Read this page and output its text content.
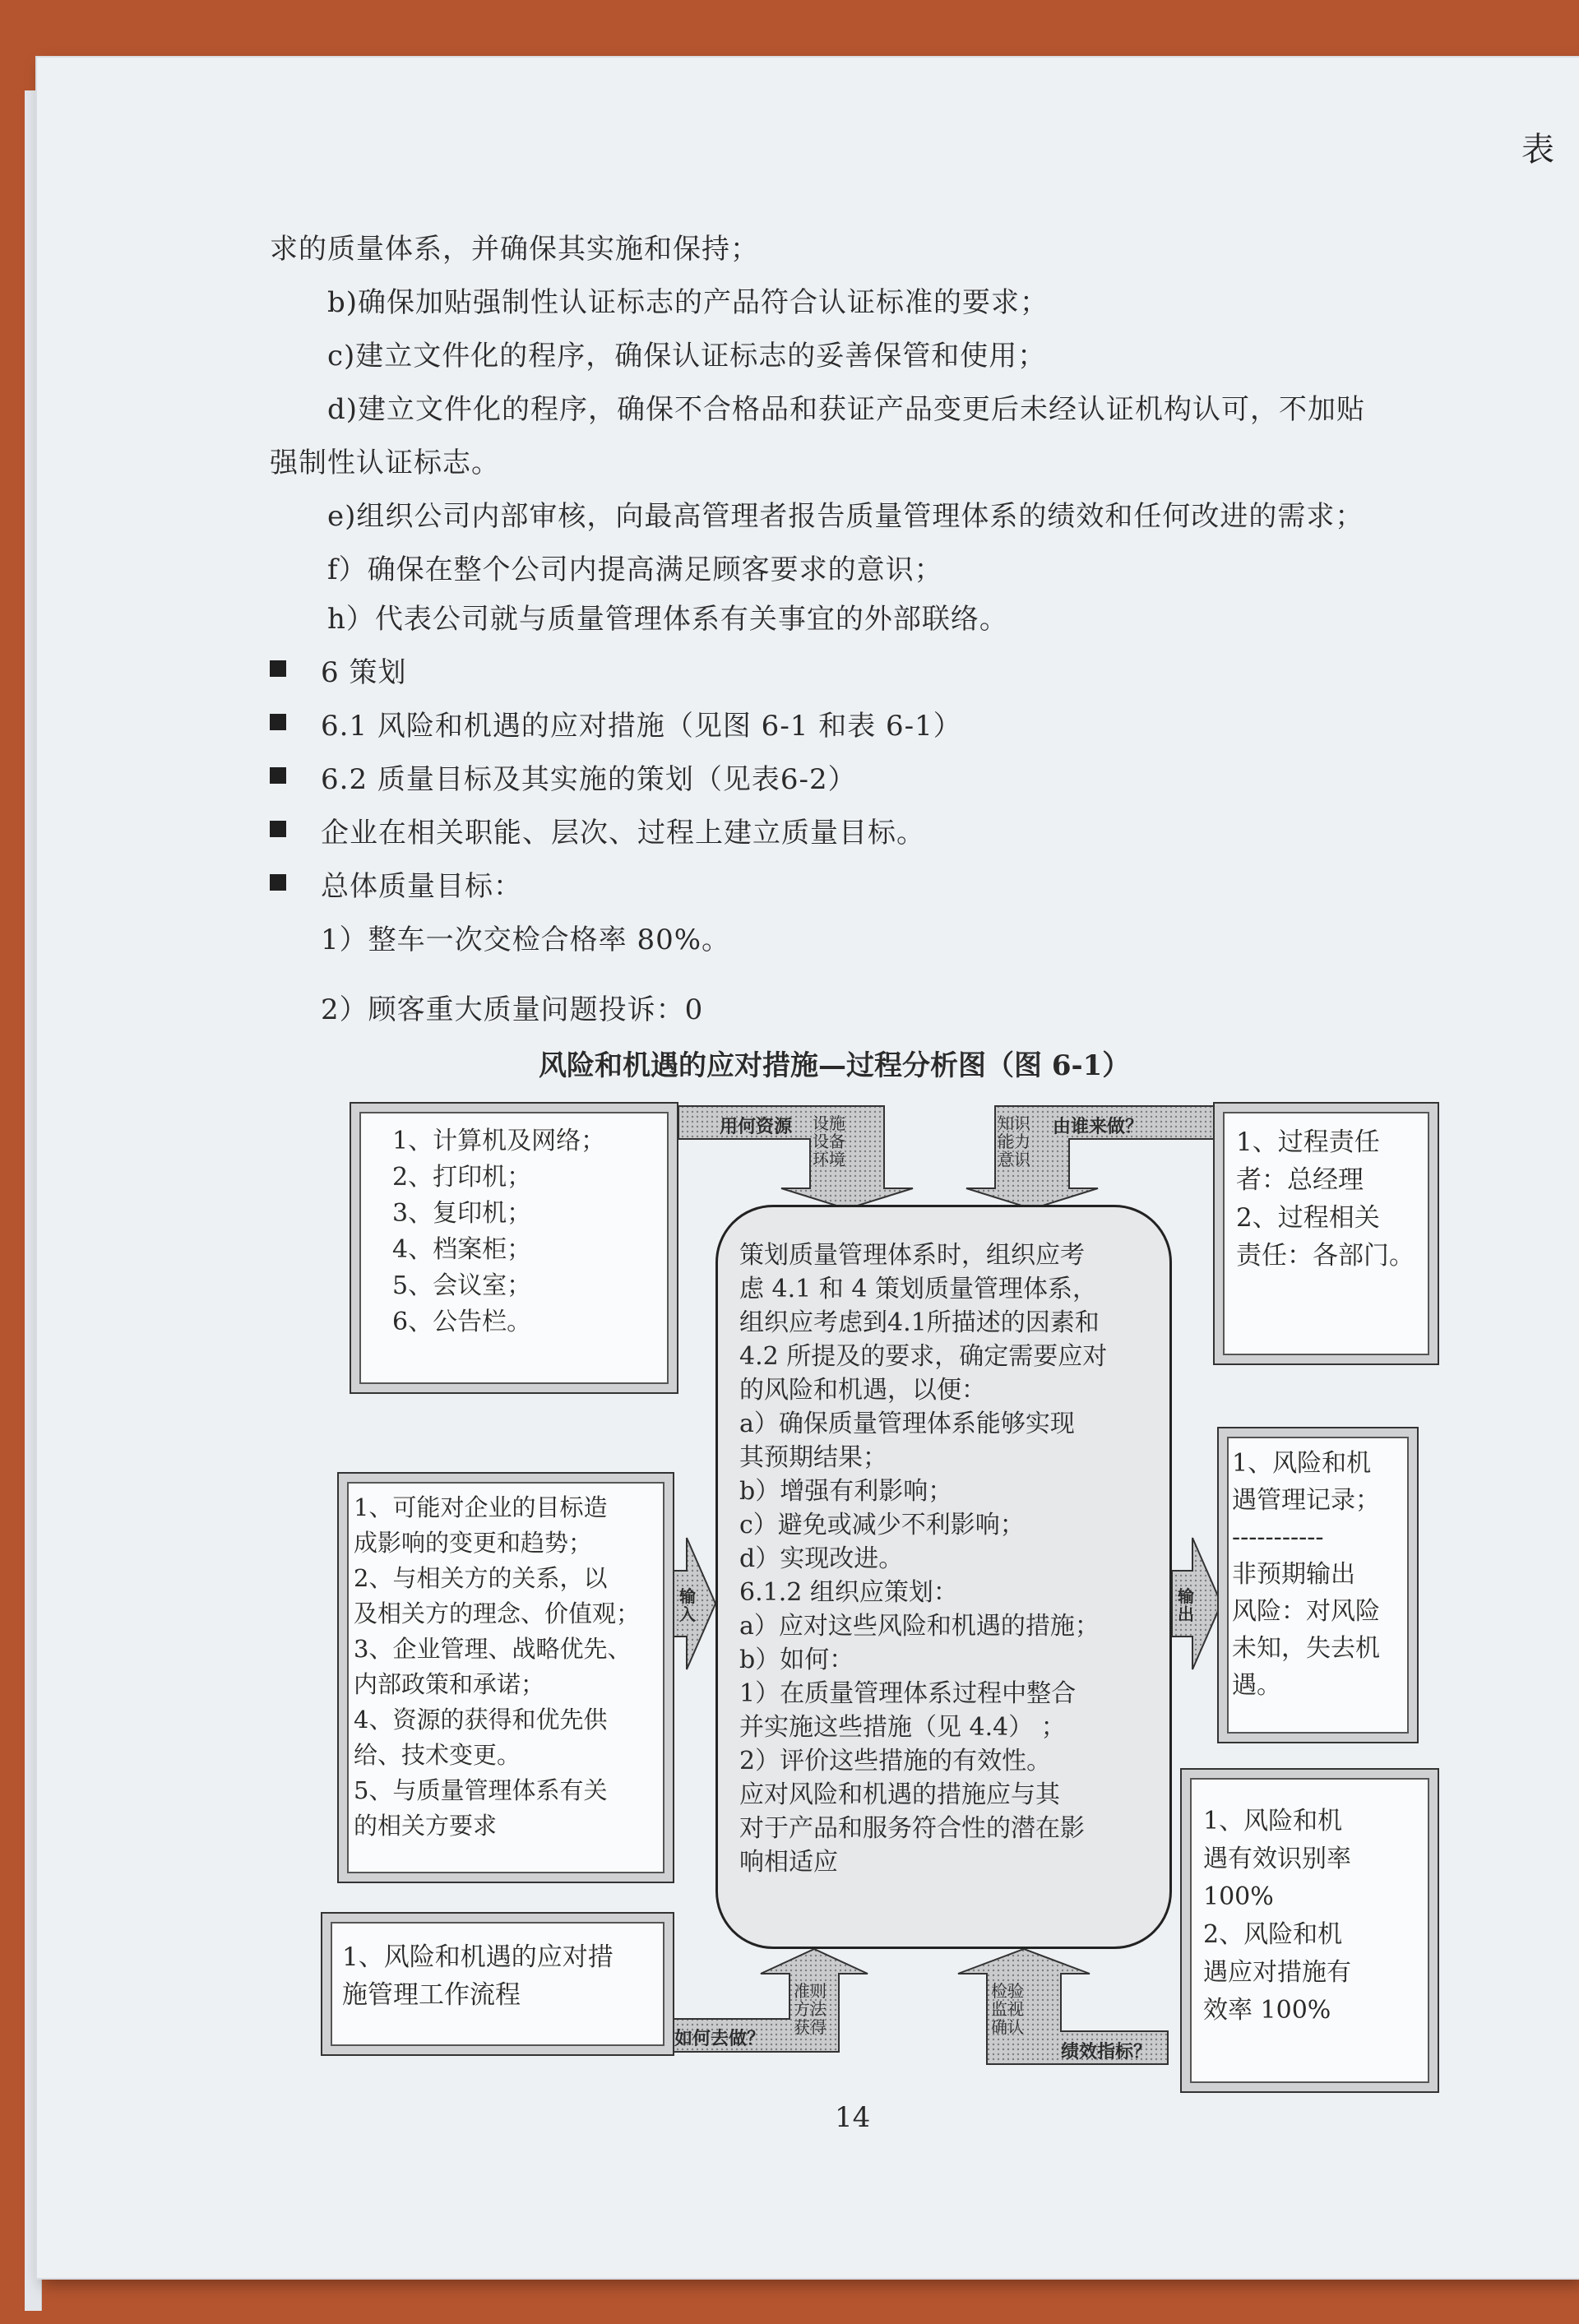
表
求的质量体系，并确保其实施和保持；
b)确保加贴强制性认证标志的产品符合认证标准的要求；
c)建立文件化的程序，确保认证标志的妥善保管和使用；
d)建立文件化的程序，确保不合格品和获证产品变更后未经认证机构认可，不加贴
强制性认证标志。
e)组织公司内部审核，向最高管理者报告质量管理体系的绩效和任何改进的需求；
f）确保在整个公司内提高满足顾客要求的意识；
h）代表公司就与质量管理体系有关事宜的外部联络。
6 策划
6.1 风险和机遇的应对措施（见图 6-1 和表 6-1）
6.2 质量目标及其实施的策划（见表6-2）
企业在相关职能、层次、过程上建立质量目标。
总体质量目标：
1）整车一次交检合格率 80%。
2）顾客重大质量问题投诉：0
风险和机遇的应对措施—过程分析图（图 6-1）
用何资源 设施 设备 环境
由谁来做？
知识 能力 意识
输入
输出
如何去做？
准则 方法 获得
绩效指标？
检验 监视 确认
1、计算机及网络；
2、打印机；
3、复印机；
4、档案柜；
5、会议室；
6、公告栏。
1、过程责任
者：总经理
2、过程相关
责任：各部门。
1、可能对企业的目标造
成影响的变更和趋势；
2、与相关方的关系，以
及相关方的理念、价值观；
3、企业管理、战略优先、
内部政策和承诺；
4、资源的获得和优先供
给、技术变更。
5、与质量管理体系有关
的相关方要求
1、风险和机
遇管理记录；
-----------
非预期输出
风险：对风险
未知，失去机
遇。
1、风险和机遇的应对措
施管理工作流程
1、风险和机
遇有效识别率
100%
2、风险和机
遇应对措施有
效率 100%
策划质量管理体系时，组织应考
虑 4.1 和 4 策划质量管理体系，
组织应考虑到4.1所描述的因素和
4.2 所提及的要求，确定需要应对
的风险和机遇，以便：
a）确保质量管理体系能够实现
其预期结果；
b）增强有利影响；
c）避免或减少不利影响；
d）实现改进。
6.1.2 组织应策划：
a）应对这些风险和机遇的措施；
b）如何：
1）在质量管理体系过程中整合
并实施这些措施（见 4.4） ；
2）评价这些措施的有效性。
应对风险和机遇的措施应与其
对于产品和服务符合性的潜在影
响相适应
14
